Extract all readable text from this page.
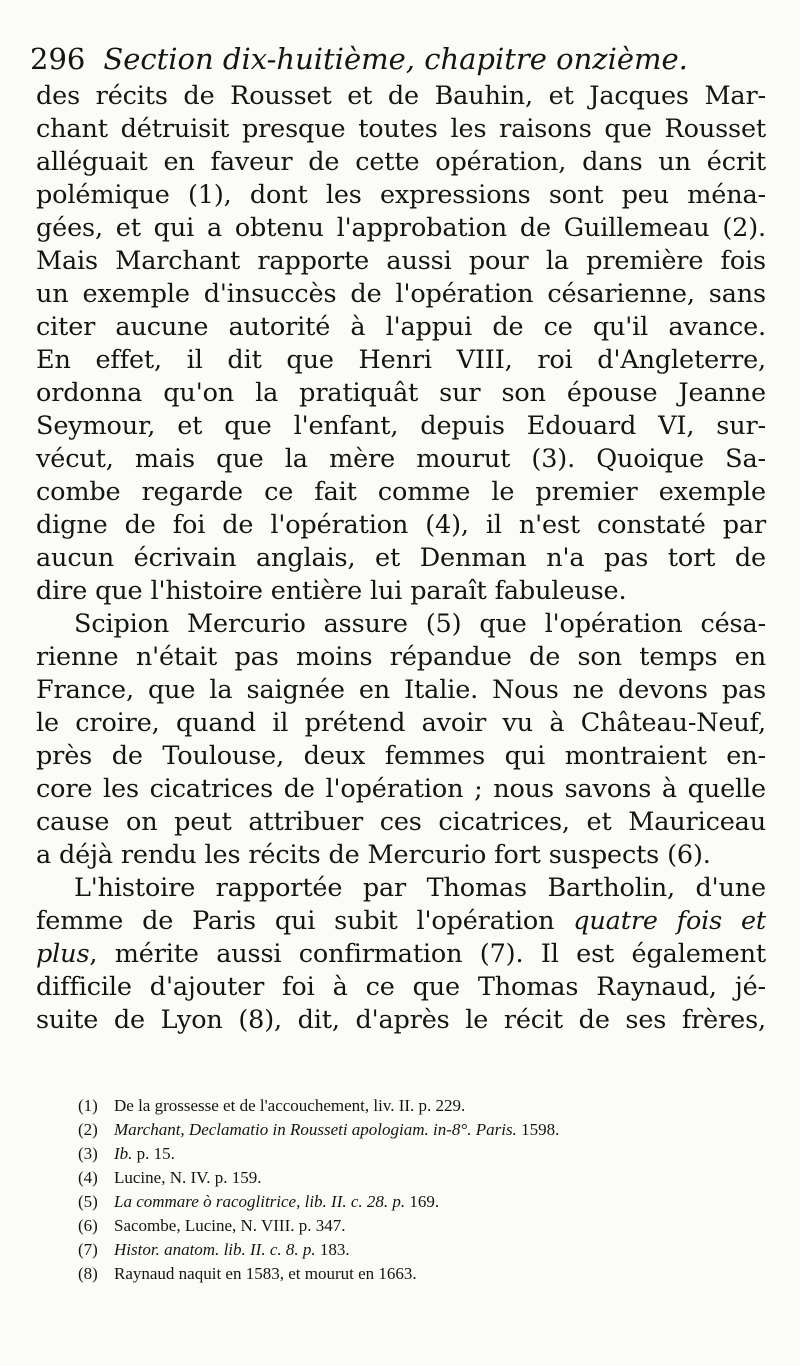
296 Section dix-huitième, chapitre onzième.
des récits de Rousset et de Bauhin, et Jacques Mar-
chant détruisit presque toutes les raisons que Rousset
alléguait en faveur de cette opération, dans un écrit
polémique (1), dont les expressions sont peu ména-
gées, et qui a obtenu l'approbation de Guillemeau (2).
Mais Marchant rapporte aussi pour la première fois
un exemple d'insuccès de l'opération césarienne, sans
citer aucune autorité à l'appui de ce qu'il avance.
En effet, il dit que Henri VIII, roi d'Angleterre,
ordonna qu'on la pratiquât sur son épouse Jeanne
Seymour, et que l'enfant, depuis Edouard VI, sur-
vécut, mais que la mère mourut (3). Quoique Sa-
combe regarde ce fait comme le premier exemple
digne de foi de l'opération (4), il n'est constaté par
aucun écrivain anglais, et Denman n'a pas tort de
dire que l'histoire entière lui paraît fabuleuse.
Scipion Mercurio assure (5) que l'opération césa-
rienne n'était pas moins répandue de son temps en
France, que la saignée en Italie. Nous ne devons pas
le croire, quand il prétend avoir vu à Château-Neuf,
près de Toulouse, deux femmes qui montraient en-
core les cicatrices de l'opération ; nous savons à quelle
cause on peut attribuer ces cicatrices, et Mauriceau
a déjà rendu les récits de Mercurio fort suspects (6).
L'histoire rapportée par Thomas Bartholin, d'une
femme de Paris qui subit l'opération quatre fois et
plus, mérite aussi confirmation (7). Il est également
difficile d'ajouter foi à ce que Thomas Raynaud, jé-
suite de Lyon (8), dit, d'après le récit de ses frères,
(1) De la grossesse et de l'accouchement, liv. II. p. 229.
(2) Marchant, Declamatio in Rousseti apologiam. in-8°. Paris. 1598.
(3) Ib. p. 15.
(4) Lucine, N. IV. p. 159.
(5) La commare ò racoglitrice, lib. II. c. 28. p. 169.
(6) Sacombe, Lucine, N. VIII. p. 347.
(7) Histor. anatom. lib. II. c. 8. p. 183.
(8) Raynaud naquit en 1583, et mourut en 1663.
